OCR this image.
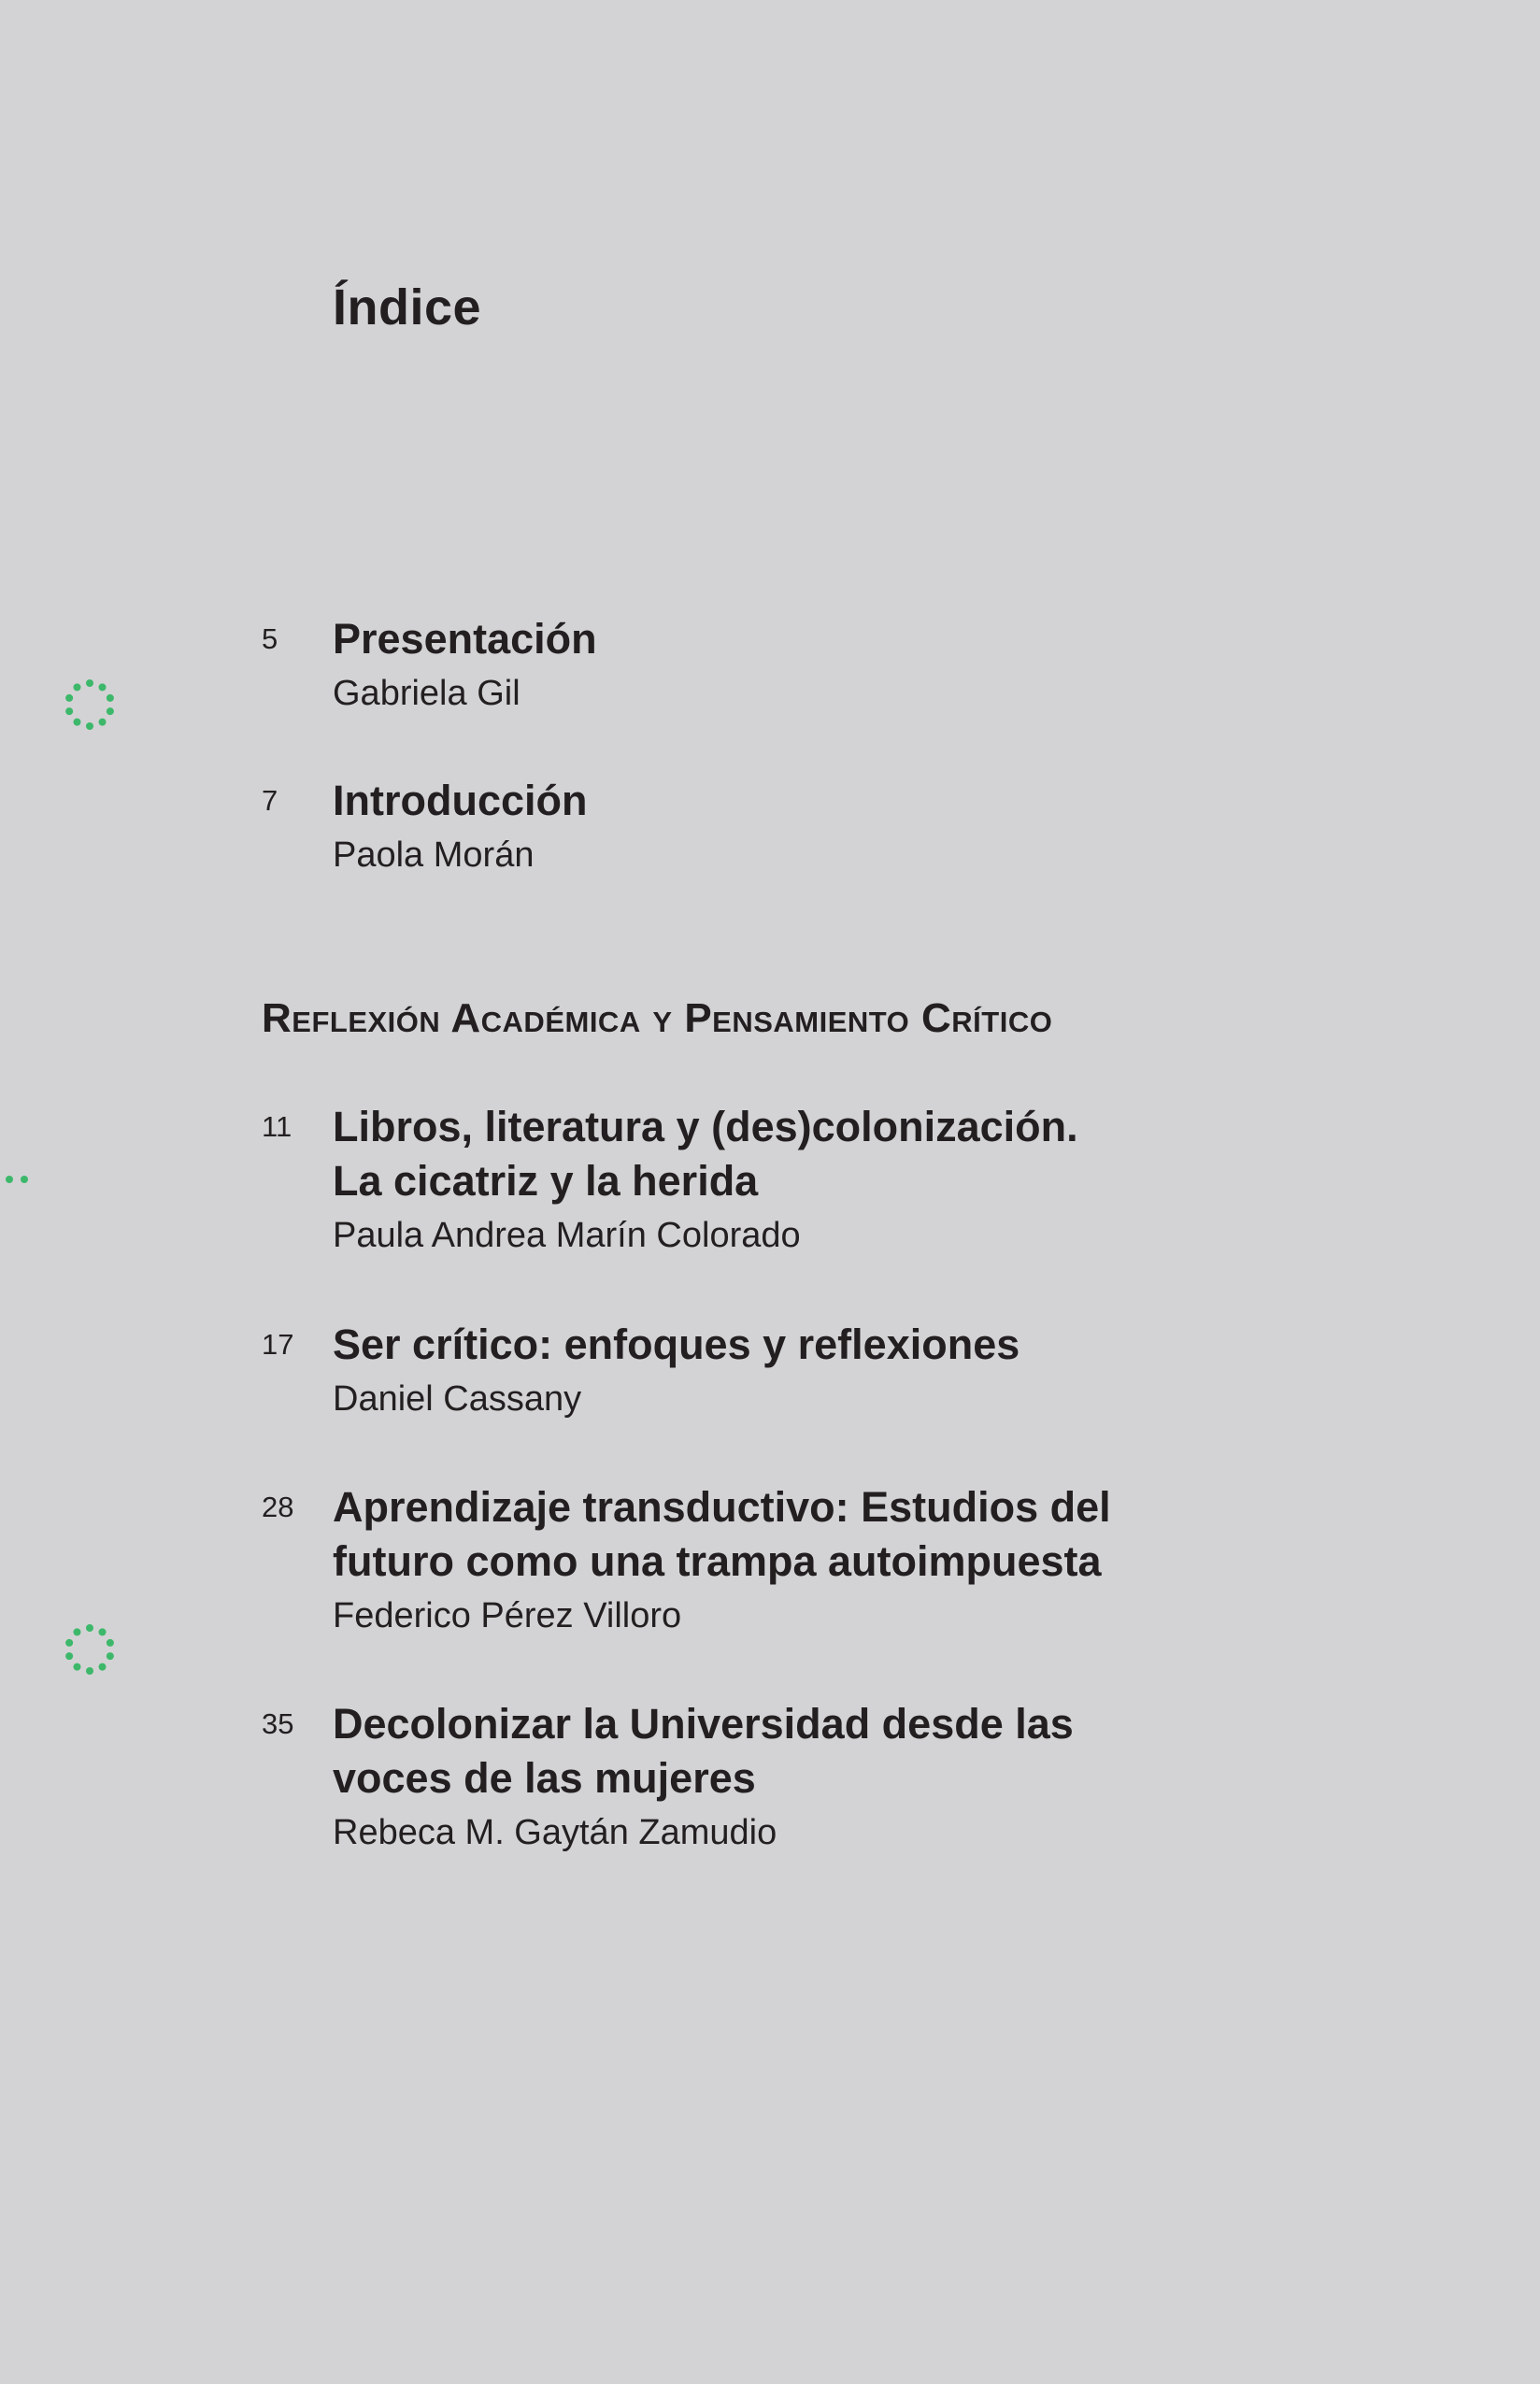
Índice
5 Presentación
Gabriela Gil
7 Introducción
Paola Morán
Reflexión Académica y Pensamiento Crítico
11 Libros, literatura y (des)colonización.
La cicatriz y la herida
Paula Andrea Marín Colorado
17 Ser crítico: enfoques y reflexiones
Daniel Cassany
28 Aprendizaje transductivo: Estudios del
futuro como una trampa autoimpuesta
Federico Pérez Villoro
35 Decolonizar la Universidad desde las
voces de las mujeres
Rebeca M. Gaytán Zamudio
